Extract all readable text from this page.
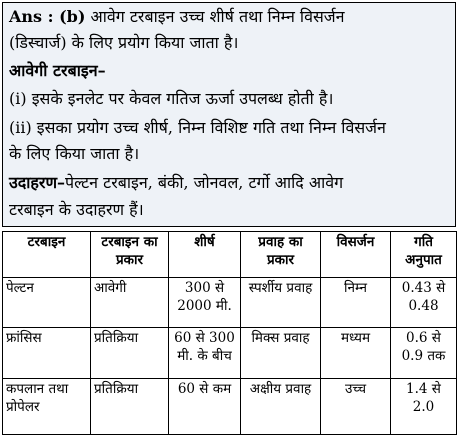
Ans : (b) आवेग टरबाइन उच्च शीर्ष तथा निम्न विसर्जन
(डिस्चार्ज) के लिए प्रयोग किया जाता है।
आवेगी टरबाइन–
(i) इसके इनलेट पर केवल गतिज ऊर्जा उपलब्ध होती है।
(ii) इसका प्रयोग उच्च शीर्ष, निम्न विशिष्ट गति तथा निम्न विसर्जन
के लिए किया जाता है।
उदाहरण–पेल्टन टरबाइन, बंकी, जोनवल, टर्गो आदि आवेग
टरबाइन के उदाहरण हैं।
टरबाइन	टरबाइन का प्रकार	शीर्ष	प्रवाह का प्रकार	विसर्जन	गति अनुपात
पेल्टन	आवेगी	300 से 2000 मी.	स्पर्शीय प्रवाह	निम्न	0.43 से 0.48
फ्रांसिस	प्रतिक्रिया	60 से 300 मी. के बीच	मिक्स प्रवाह	मध्यम	0.6 से 0.9 तक
कपलान तथा प्रोपेलर	प्रतिक्रिया	60 से कम	अक्षीय प्रवाह	उच्च	1.4 से 2.0
